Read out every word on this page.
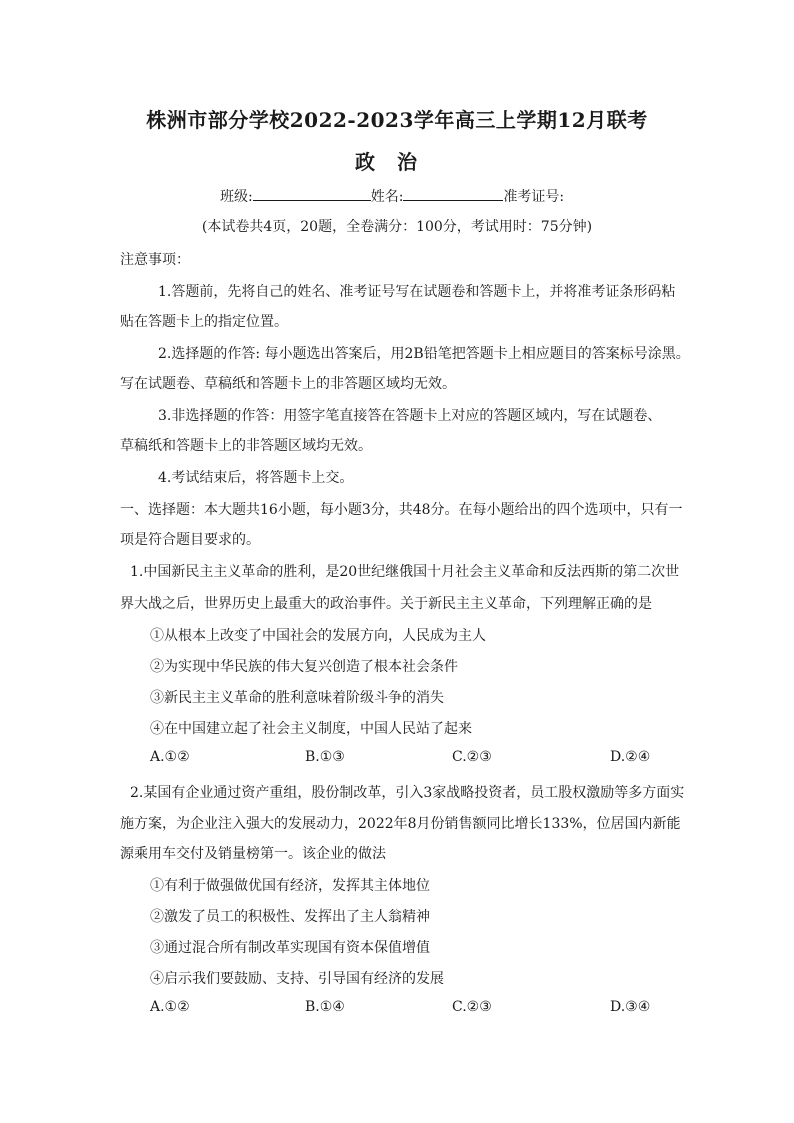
株洲市部分学校2022-2023学年高三上学期12月联考
政治
班级:	姓名:	准考证号:
(本试卷共4页，20题，全卷满分：100分，考试用时：75分钟)
注意事项：
1.答题前，先将自己的姓名、准考证号写在试题卷和答题卡上，并将准考证条形码粘
贴在答题卡上的指定位置。
2.选择题的作答: 每小题选出答案后，用2B铅笔把答题卡上相应题目的答案标号涂黑。
写在试题卷、草稿纸和答题卡上的非答题区域均无效。
3.非选择题的作答：用签字笔直接答在答题卡上对应的答题区域内，写在试题卷、
草稿纸和答题卡上的非答题区域均无效。
4.考试结束后，将答题卡上交。
一、选择题：本大题共16小题，每小题3分，共48分。在每小题给出的四个选项中，只有一
项是符合题目要求的。
1.中国新民主主义革命的胜利，是20世纪继俄国十月社会主义革命和反法西斯的第二次世
界大战之后，世界历史上最重大的政治事件。关于新民主主义革命，下列理解正确的是
①从根本上改变了中国社会的发展方向，人民成为主人
②为实现中华民族的伟大复兴创造了根本社会条件
③新民主主义革命的胜利意味着阶级斗争的消失
④在中国建立起了社会主义制度，中国人民站了起来
A.①②	B.①③	C.②③	D.②④
2.某国有企业通过资产重组，股份制改革，引入3家战略投资者，员工股权激励等多方面实
施方案，为企业注入强大的发展动力，2022年8月份销售额同比增长133%，位居国内新能
源乘用车交付及销量榜第一。该企业的做法
①有利于做强做优国有经济，发挥其主体地位
②激发了员工的积极性、发挥出了主人翁精神
③通过混合所有制改革实现国有资本保值增值
④启示我们要鼓励、支持、引导国有经济的发展
A.①②	B.①④	C.②③	D.③④
